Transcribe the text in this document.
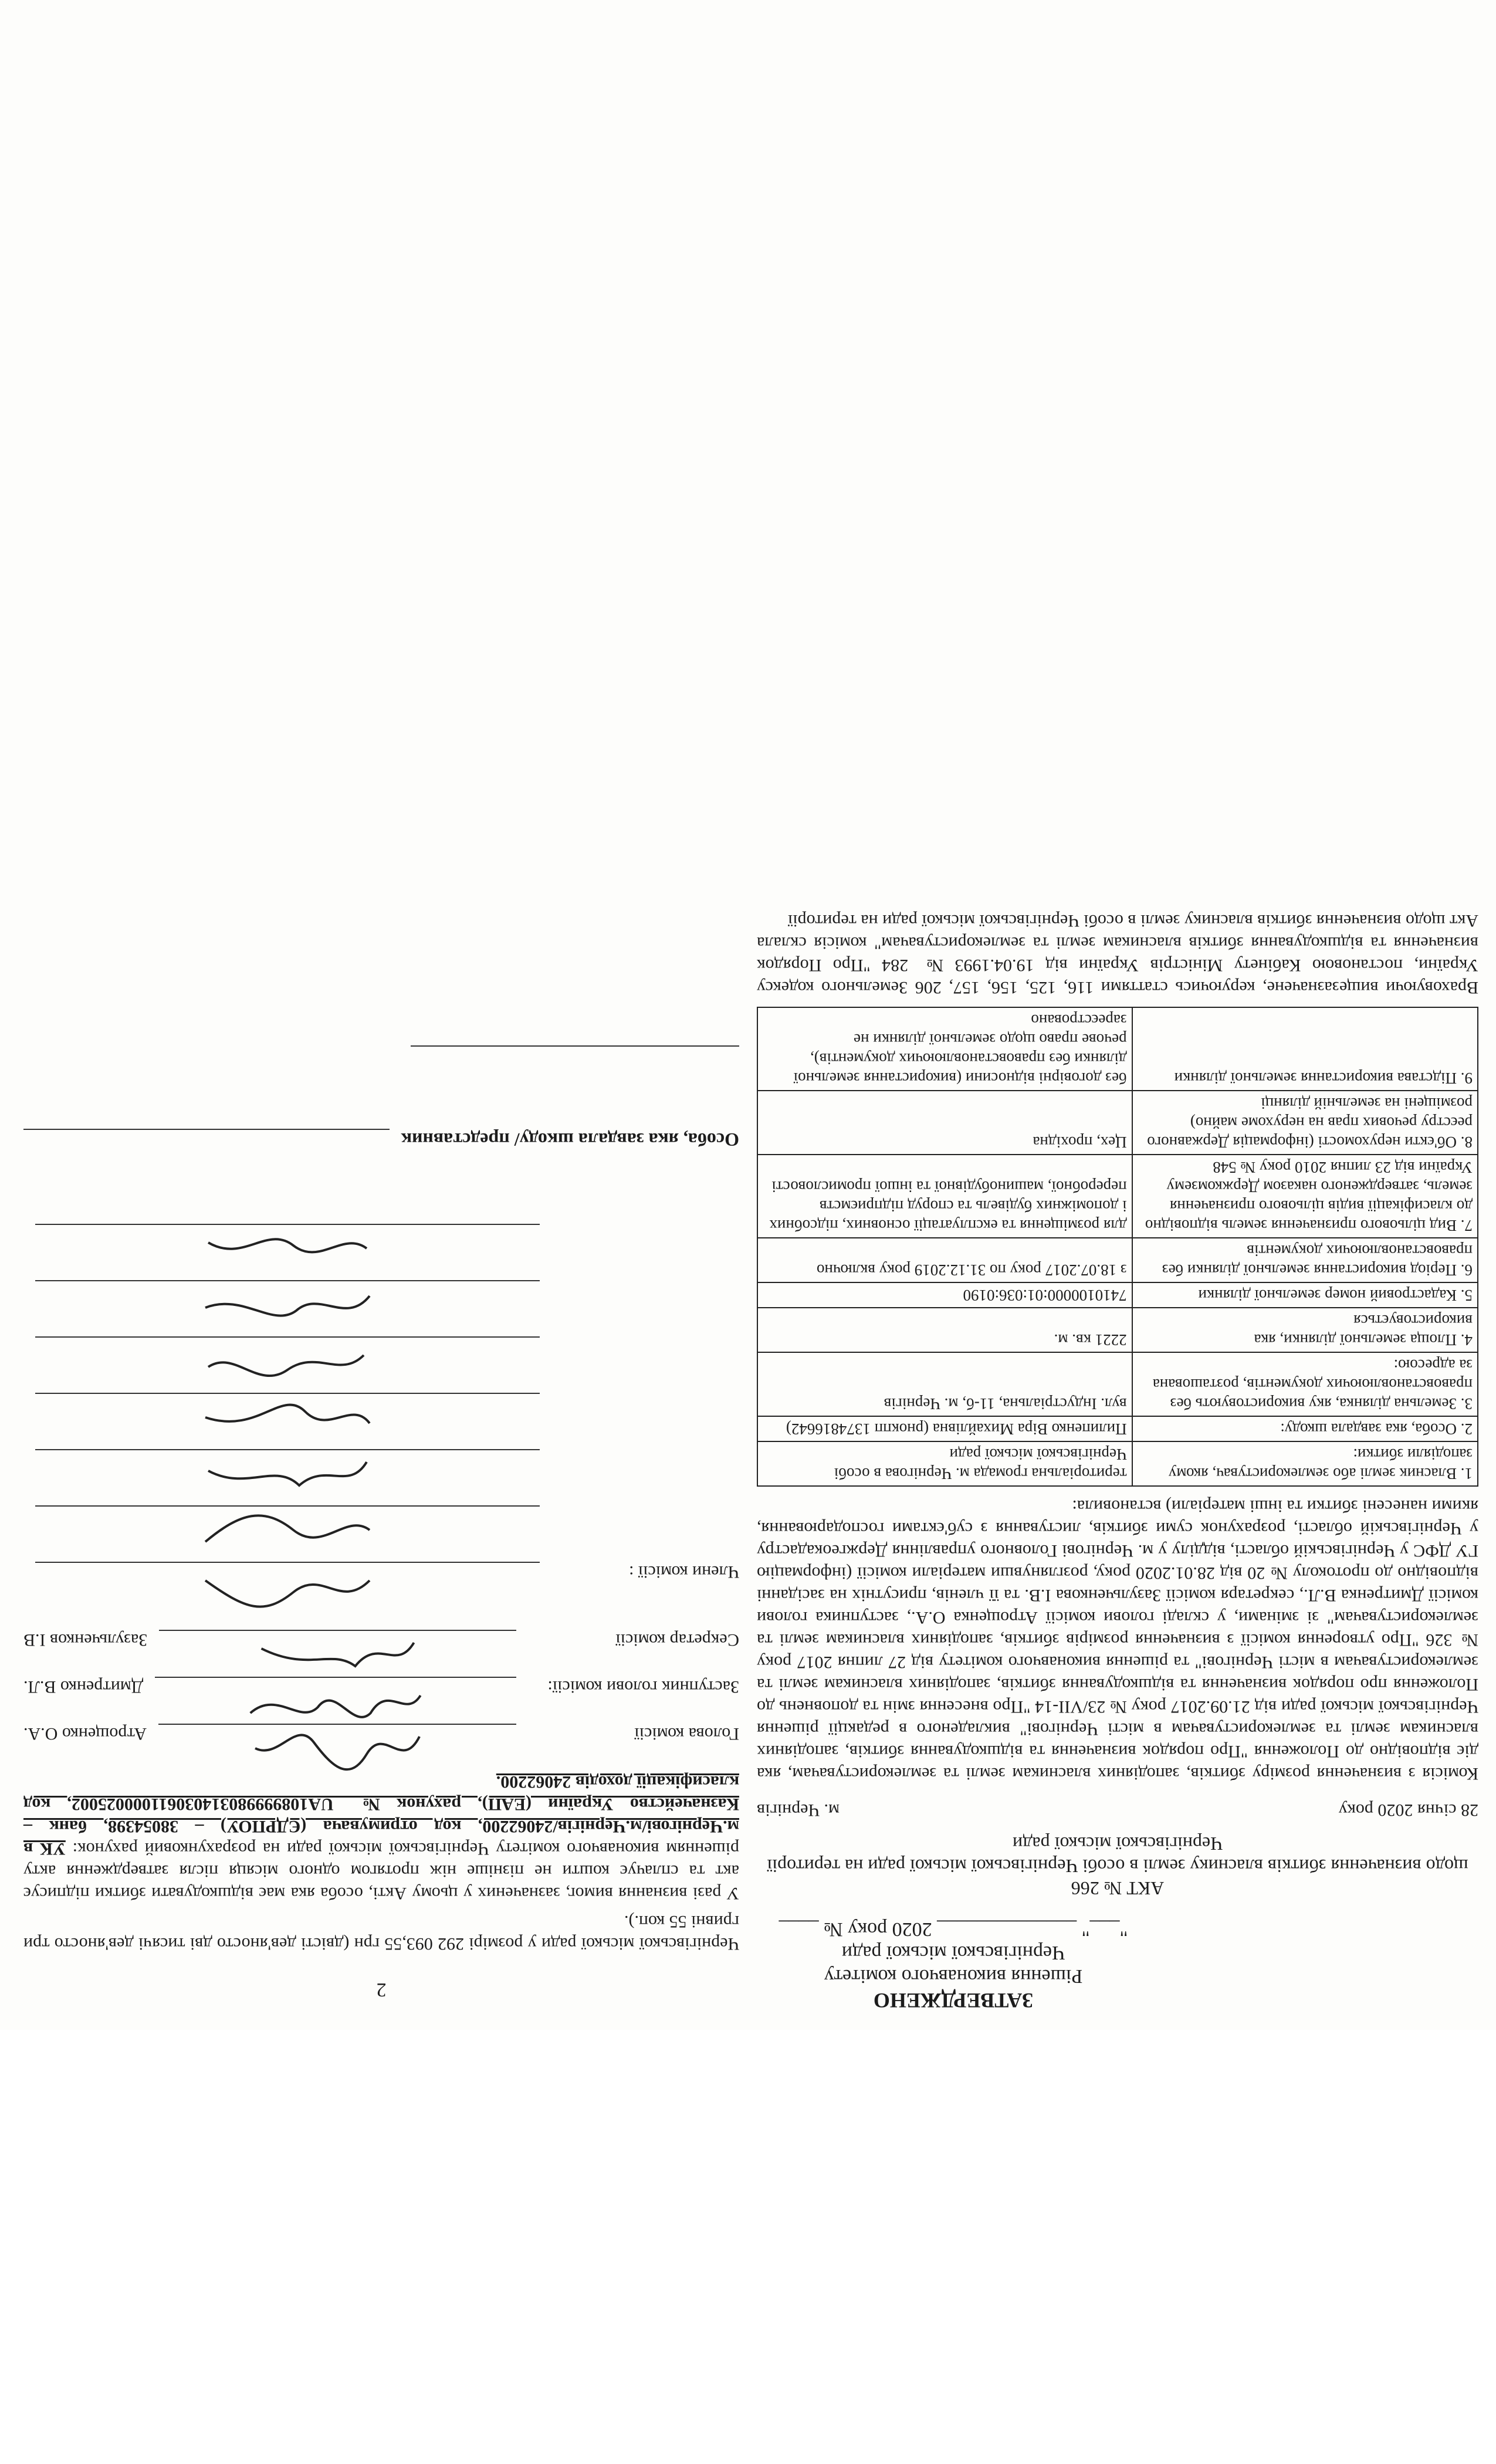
ЗАТВЕРДЖЕНО
Рішення виконавчого комітету
Чернігівської міської ради
"___" ______________ 2020 року № ____
АКТ № 266
щодо визначення збитків власнику землі в особі Чернігівської міської ради на території
Чернігівської міської ради
28 січня 2020 року
м. Чернігів

Комісія з визначення розміру збитків, заподіяних власникам землі та землекористувачам, яка діє відповідно до Положення "Про порядок визначення та відшкодування збитків, заподіяних власникам землі та землекористувачам в місті Чернігові" викладеного в редакції рішення Чернігівської міської ради від 21.09.2017 року № 23/VII-14 "Про внесення змін та доповнень до Положення про порядок визначення та відшкодування збитків, заподіяних власникам землі та землекористувачам в місті Чернігові" та рішення виконавчого комітету від 27 липня 2017 року № 326 "Про утворення комісії з визначення розмірів збитків, заподіяних власникам землі та землекористувачам" зі змінами, у складі голови комісії Атрощенка О.А., заступника голови комісії Дмитренка В.Л., секретаря комісії Зазульченкова І.В. та її членів, присутніх на засіданні відповідно до протоколу № 20 від 28.01.2020 року, розглянувши матеріали комісії (інформацію ГУ ДФС у Чернігівській області, відділу у м. Чернігові Головного управління Держгеокадастру у Чернігівській області, розрахунок суми збитків, листування з суб'єктами господарювання, якими нанесені збитки та інші матеріали) встановила:

1. Власник землі або землекористувач, якому заподіяли збитки:	територіальна громада м. Чернігова в особі Чернігівської міської ради
2. Особа, яка завдала шкоду:	Пилипенко Віра Михайлівна (рнокпп 1374816642)
3. Земельна ділянка, яку використовують без правовстановлюючих документів, розташована за адресою:	вул. Індустріальна, 11-б, м. Чернігів
4. Площа земельної ділянки, яка використовується	2221 кв. м.
5. Кадастровий номер земельної ділянки	7410100000:01:036:0190
6. Період використання земельної ділянки без правовстановлюючих документів	з 18.07.2017 року по 31.12.2019 року включно
7. Вид цільового призначення земель відповідно до класифікації видів цільового призначення земель, затвердженого наказом Держкомзему України від 23 липня 2010 року № 548	для розміщення та експлуатації основних, підсобних і допоміжних будівель та споруд підприємств переробної, машинобудівної та іншої промисловості
8. Об'єкти нерухомості (інформація Державного реєстру речових прав на нерухоме майно) розміщені на земельній ділянці	Цех, прохідна
9. Підстава використання земельної ділянки	без договірні відносини (використання земельної ділянки без правовстановлюючих документів), речове право щодо земельної ділянки не зареєстровано

Враховуючи вищезазначене, керуючись статтями 116, 125, 156, 157, 206 Земельного кодексу України, постановою Кабінету Міністрів України від 19.04.1993 № 284 "Про Порядок визначення та відшкодування збитків власникам землі та землекористувачам" комісія склала Акт щодо визначення збитків власнику землі в особі Чернігівської міської ради на території

2

Чернігівської міської ради у розмірі 292 093,55 грн (двісті дев'яносто дві тисячі дев'яносто три гривні 55 коп.).

У разі визнання вимог, зазначених у цьому Акті, особа яка має відшкодувати збитки підписує акт та сплачує кошти не пізніше ніж протягом одного місяця після затвердження акту рішенням виконавчого комітету Чернігівської міської ради на розрахунковий рахунок: УК в м.Чернігові/м.Чернігів/24062200, код отримувача (ЄДРПОУ) – 38054398, банк – Казначейство України (ЕАП), рахунок № UA108999980314030611000025002, код класифікації доходів 24062200.

Голова комісії
Атрощенко О.А.
Заступник голови комісії:
Дмитренко В.Л.
Секретар комісії
Зазульченков І.В
Члени комісії :
Особа, яка завдала шкоду/ представник
